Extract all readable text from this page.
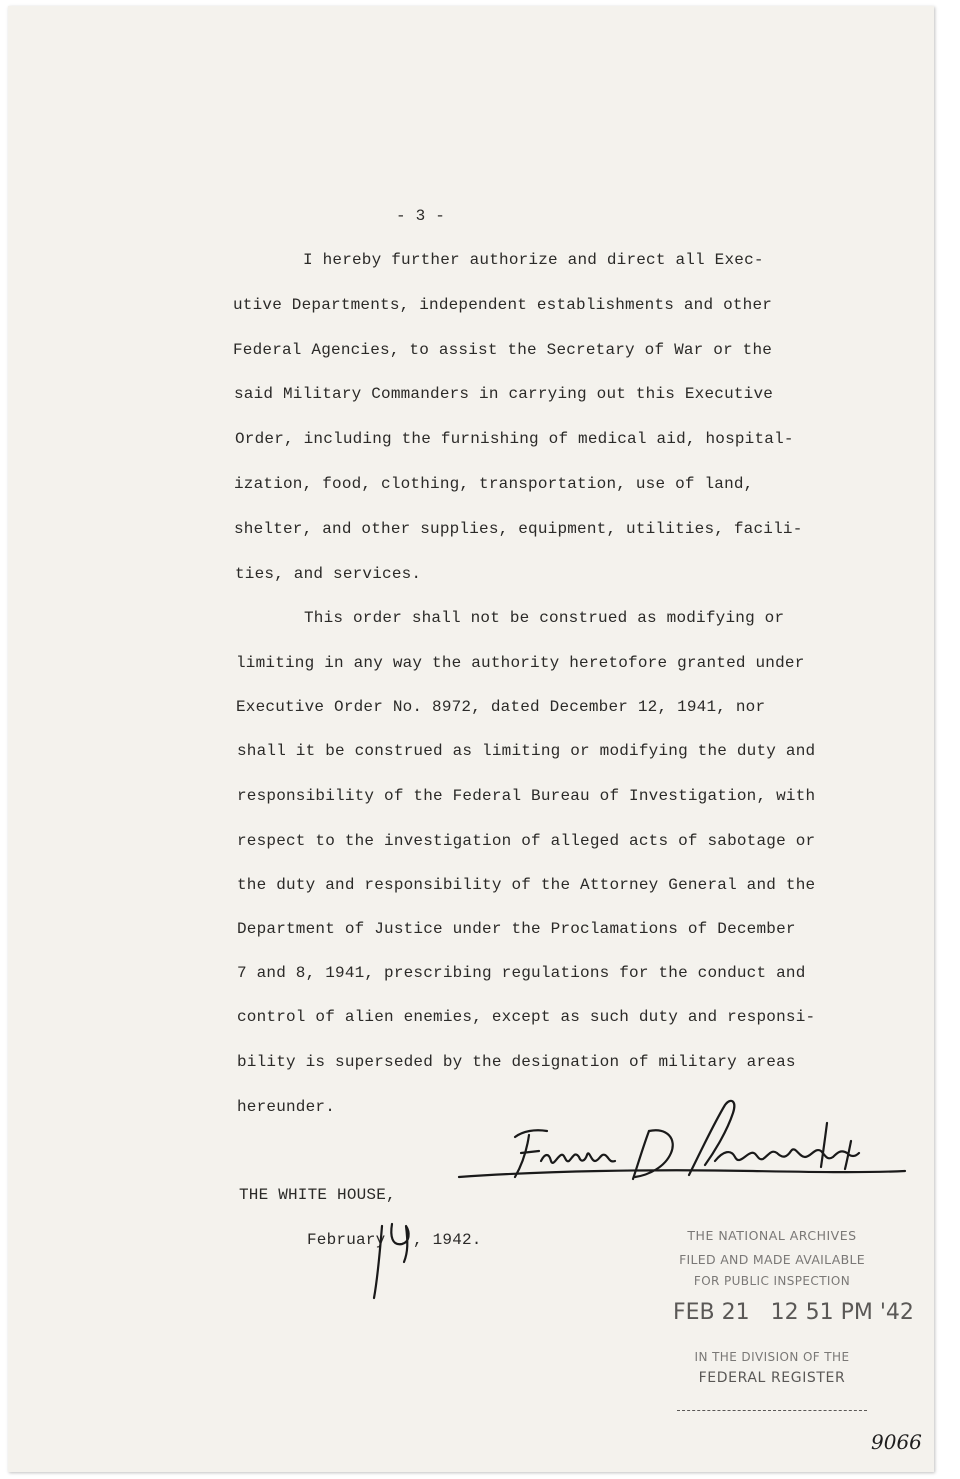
- 3 -
I hereby further authorize and direct all Exec-
utive Departments, independent establishments and other
Federal Agencies, to assist the Secretary of War or the
said Military Commanders in carrying out this Executive
Order, including the furnishing of medical aid, hospital-
ization, food, clothing, transportation, use of land,
shelter, and other supplies, equipment, utilities, facili-
ties, and services.
This order shall not be construed as modifying or
limiting in any way the authority heretofore granted under
Executive Order No. 8972, dated December 12, 1941, nor
shall it be construed as limiting or modifying the duty and
responsibility of the Federal Bureau of Investigation, with
respect to the investigation of alleged acts of sabotage or
the duty and responsibility of the Attorney General and the
Department of Justice under the Proclamations of December
7 and 8, 1941, prescribing regulations for the conduct and
control of alien enemies, except as such duty and responsi-
bility is superseded by the designation of military areas
hereunder.
THE WHITE HOUSE,
February , 1942.	THE NATIONAL ARCHIVES
FILED AND MADE AVAILABLE
FOR PUBLIC INSPECTION
FEB 21   12 51 PM '42
IN THE DIVISION OF THE
FEDERAL REGISTER
9066
